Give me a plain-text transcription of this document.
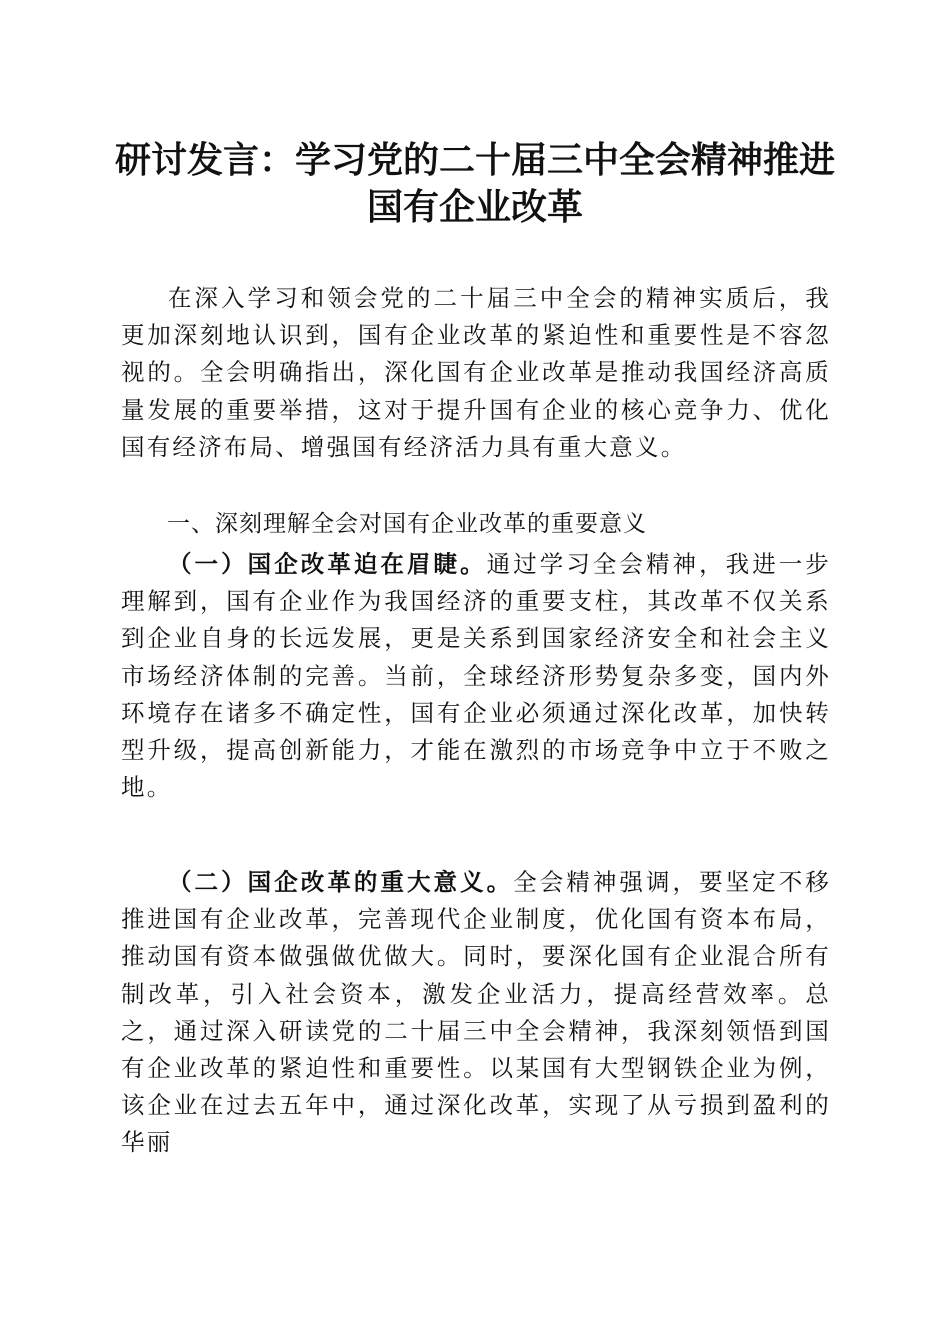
研讨发言：学习党的二十届三中全会精神推进
国有企业改革

在深入学习和领会党的二十届三中全会的精神实质后，我更加深刻地认识到，国有企业改革的紧迫性和重要性是不容忽视的。全会明确指出，深化国有企业改革是推动我国经济高质量发展的重要举措，这对于提升国有企业的核心竞争力、优化国有经济布局、增强国有经济活力具有重大意义。

一、深刻理解全会对国有企业改革的重要意义

（一）国企改革迫在眉睫。通过学习全会精神，我进一步理解到，国有企业作为我国经济的重要支柱，其改革不仅关系到企业自身的长远发展，更是关系到国家经济安全和社会主义市场经济体制的完善。当前，全球经济形势复杂多变，国内外环境存在诸多不确定性，国有企业必须通过深化改革，加快转型升级，提高创新能力，才能在激烈的市场竞争中立于不败之地。

（二）国企改革的重大意义。全会精神强调，要坚定不移推进国有企业改革，完善现代企业制度，优化国有资本布局，推动国有资本做强做优做大。同时，要深化国有企业混合所有制改革，引入社会资本，激发企业活力，提高经营效率。总之，通过深入研读党的二十届三中全会精神，我深刻领悟到国有企业改革的紧迫性和重要性。以某国有大型钢铁企业为例，该企业在过去五年中，通过深化改革，实现了从亏损到盈利的华丽
